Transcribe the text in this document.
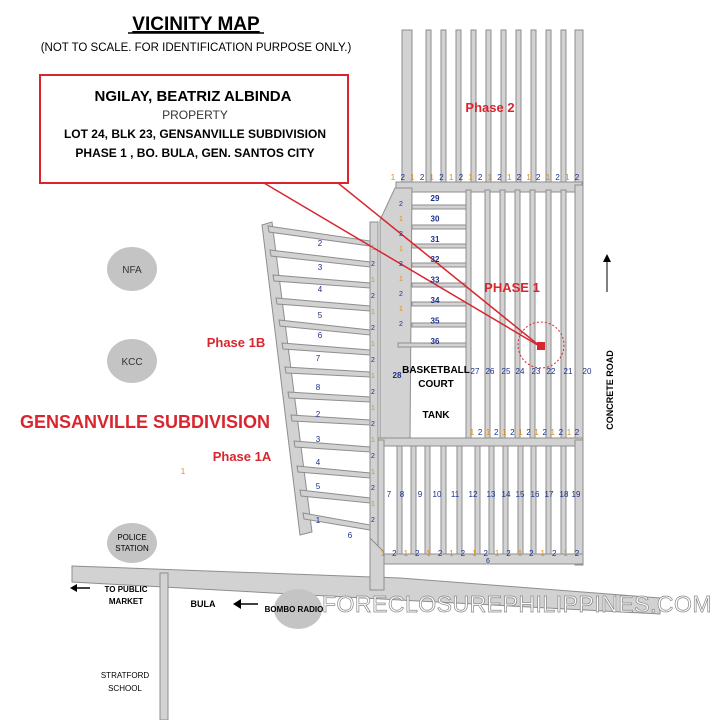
VICINITY MAP
(NOT TO SCALE. FOR IDENTIFICATION PURPOSE ONLY.)
NGILAY, BEATRIZ ALBINDA
PROPERTY
LOT 24, BLK 23, GENSANVILLE SUBDIVISION
PHASE 1 , BO. BULA, GEN. SANTOS CITY
Phase 2
PHASE 1
Phase 1B
Phase 1A
GENSANVILLE SUBDIVISION
NFA
KCC
POLICE
STATION
BASKETBALL
COURT
TANK	CONCRETE ROAD
TO PUBLIC
MARKET	BULA
BOMBO RADIO
STRATFORD
SCHOOL
FORECLOSUREPHILIPPINES.COM
29
30
31
32
33
34
35
36
28	27 26 25 24 23 22 21 20
7 8 9 10 11 12 13 14 15 16 17 18 19
6
2
3
4
5
6
7
8
2
3
4
5
1
6
1
1 2 1 2 1 2 1 2 1 2 1 2 1 2 1 2 1 2 1 2
1 2 1 2 1 2 1 2 1 2 1 2 1 2
1 2 1 2 1 2 1 2 1 2 1 2 1 2 1 2 1 2
1
2
1
2
1
2
1
2
1
2
1
2
1
2
1
2
1
2
2
1
2
1
2
1
2
1
2
